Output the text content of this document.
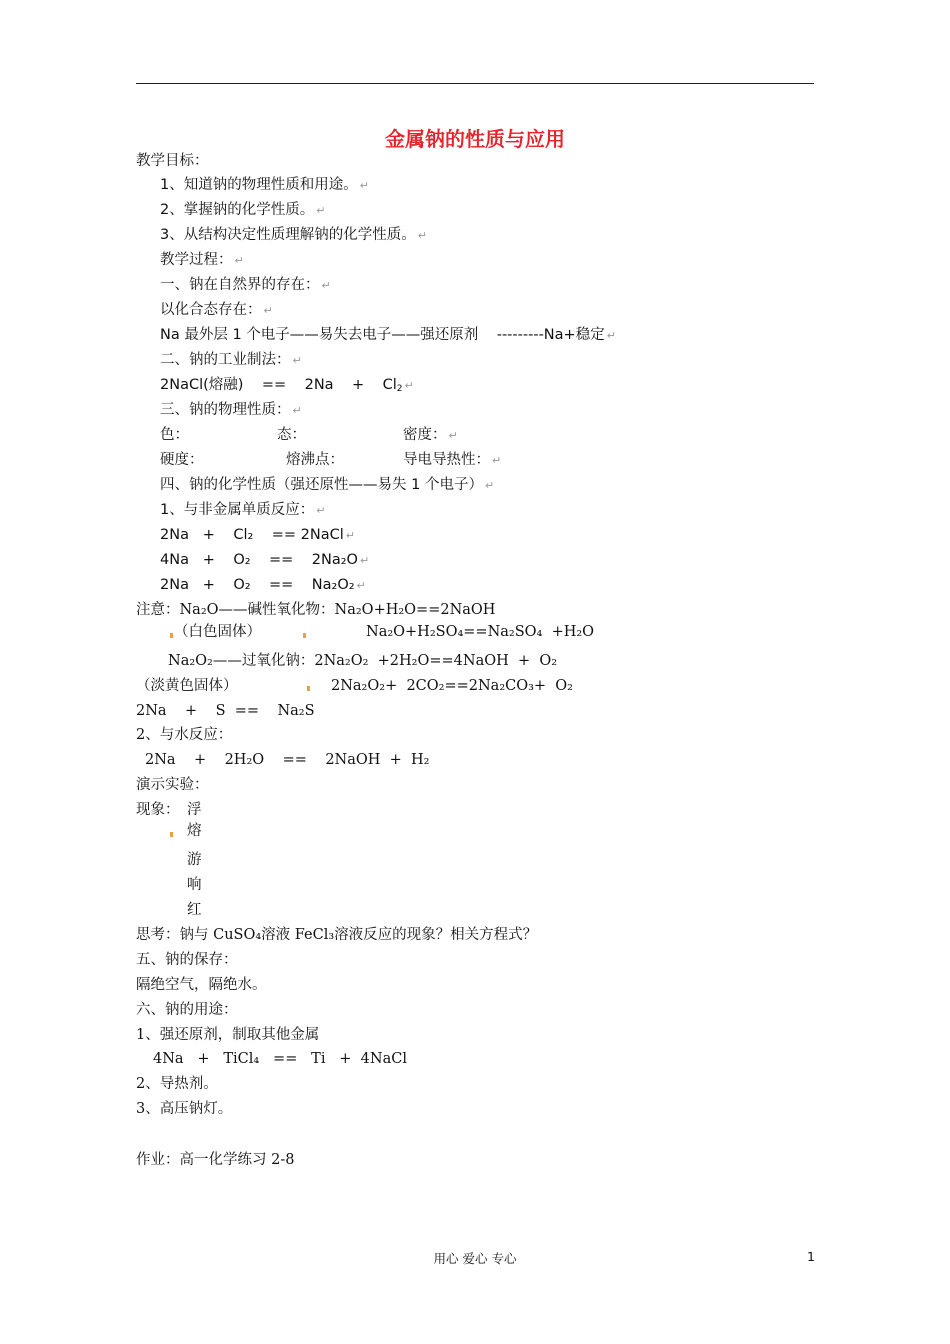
金属钠的性质与应用
教学目标：
1、知道钠的物理性质和用途。 ↵
2、掌握钠的化学性质。 ↵
3、从结构决定性质理解钠的化学性质。 ↵
教学过程： ↵
一、钠在自然界的存在： ↵
以化合态存在： ↵
Na 最外层 1 个电子——易失去电子——强还原剂    ---------Na+稳定 ↵
二、钠的工业制法： ↵
2NaCl(熔融)    ==    2Na    +    $Cl_2$ ↵
三、钠的物理性质： ↵
色：	态：	密度： ↵
硬度：	熔沸点：	导电导热性： ↵
四、钠的化学性质（强还原性——易失 1 个电子） ↵
1、与非金属单质反应： ↵
2Na   +    Cl₂    == 2NaCl ↵
4Na   +    O₂    ==    2Na₂O ↵
2Na   +    O₂    ==    Na₂O₂ ↵
注意：Na₂O——碱性氧化物：Na₂O+H₂O==2NaOH
（白色固体）	Na₂O+H₂SO₄==Na₂SO₄  +H₂O
Na₂O₂——过氧化钠：2Na₂O₂  +2H₂O==4NaOH  +  O₂
（淡黄色固体）	2Na₂O₂+  2CO₂==2Na₂CO₃+  O₂
2Na    +    S  ==    Na₂S
2、与水反应：
2Na    +    2H₂O    ==    2NaOH  +  H₂
演示实验：
现象： 浮
熔
游
响
红
思考：钠与 CuSO₄溶液 FeCl₃溶液反应的现象？相关方程式？
五、钠的保存：
隔绝空气，隔绝水。
六、钠的用途：
1、强还原剂，制取其他金属
4Na   +   TiCl₄   ==   Ti   +  4NaCl
2、导热剂。
3、高压钠灯。
作业：高一化学练习 2-8
用心 爱心 专心	1
